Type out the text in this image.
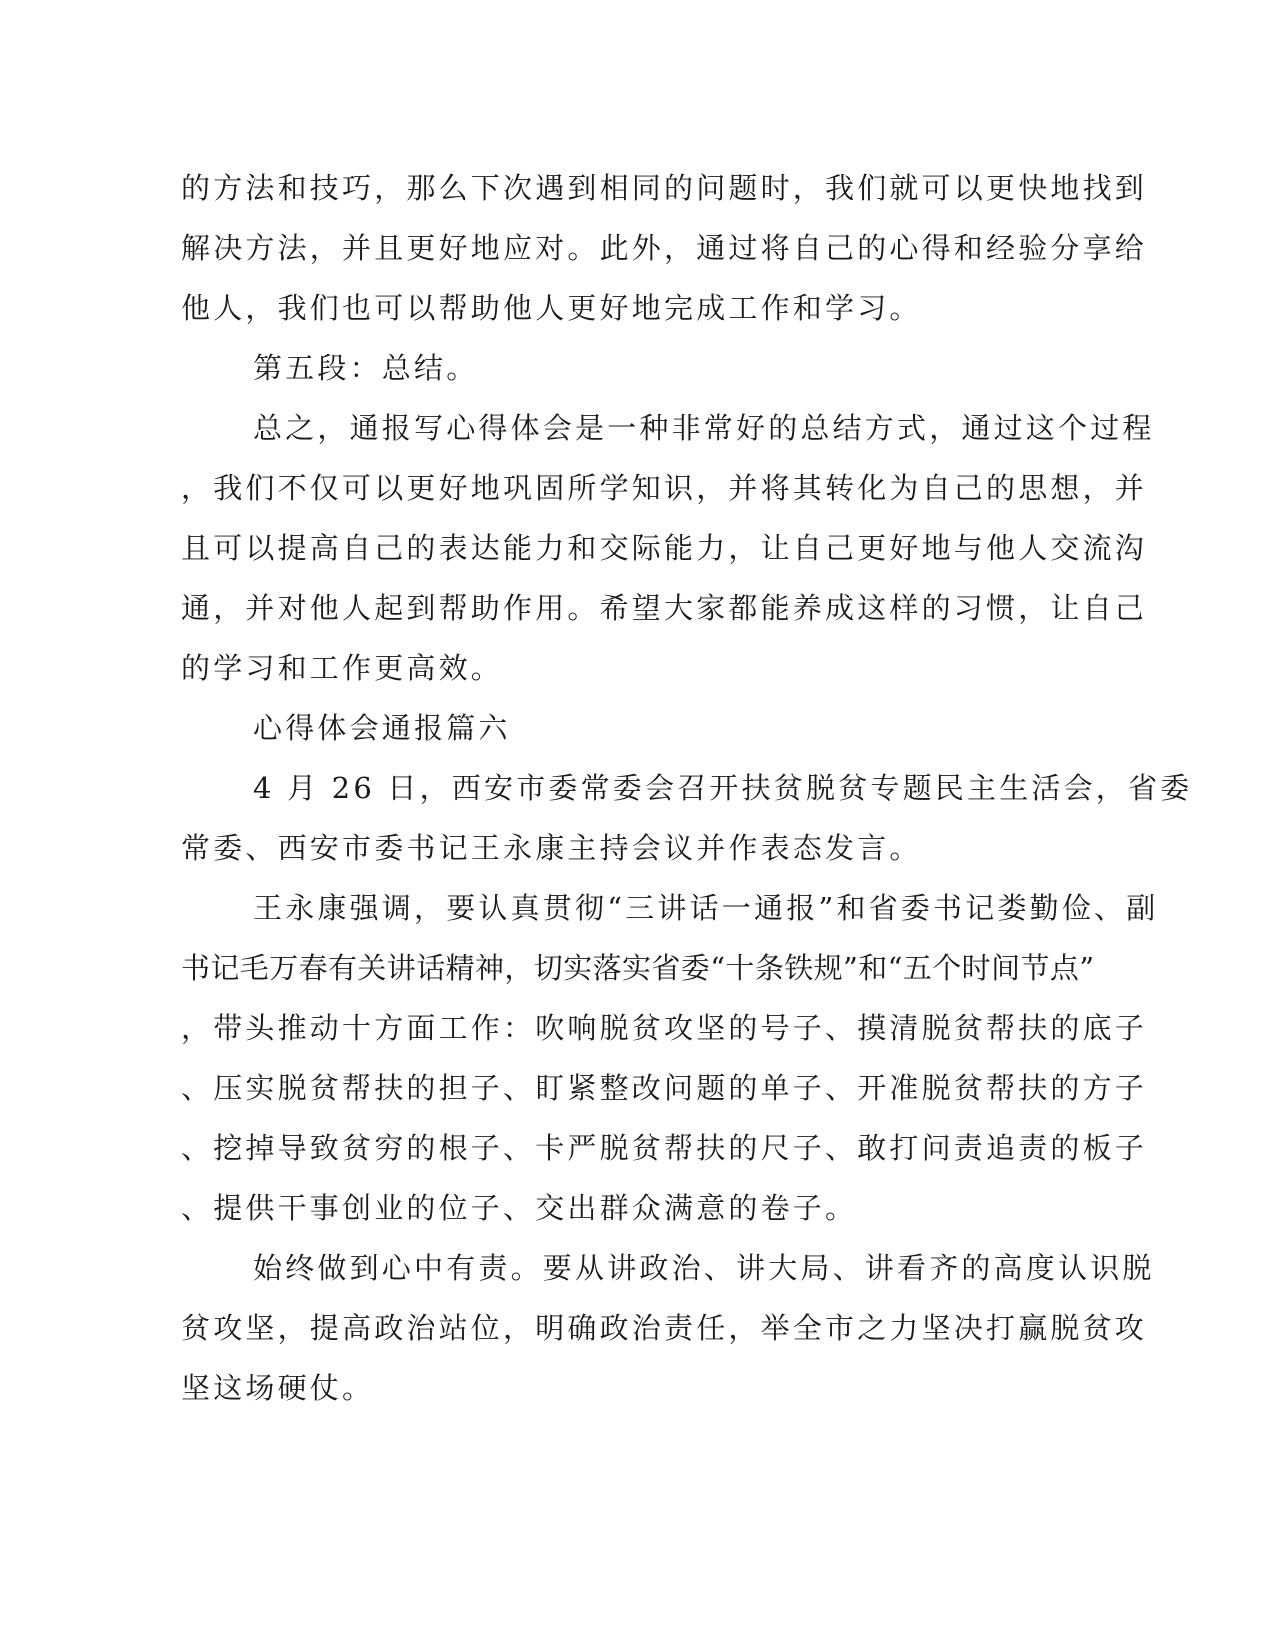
的方法和技巧，那么下次遇到相同的问题时，我们就可以更快地找到
解决方法，并且更好地应对。此外，通过将自己的心得和经验分享给
他人，我们也可以帮助他人更好地完成工作和学习。
第五段：总结。
总之，通报写心得体会是一种非常好的总结方式，通过这个过程
，我们不仅可以更好地巩固所学知识，并将其转化为自己的思想，并
且可以提高自己的表达能力和交际能力，让自己更好地与他人交流沟
通，并对他人起到帮助作用。希望大家都能养成这样的习惯，让自己
的学习和工作更高效。
心得体会通报篇六
4 月 26 日，西安市委常委会召开扶贫脱贫专题民主生活会，省委
常委、西安市委书记王永康主持会议并作表态发言。
王永康强调，要认真贯彻“三讲话一通报”和省委书记娄勤俭、副
书记毛万春有关讲话精神，切实落实省委“十条铁规”和“五个时间节点”
，带头推动十方面工作：吹响脱贫攻坚的号子、摸清脱贫帮扶的底子
、压实脱贫帮扶的担子、盯紧整改问题的单子、开准脱贫帮扶的方子
、挖掉导致贫穷的根子、卡严脱贫帮扶的尺子、敢打问责追责的板子
、提供干事创业的位子、交出群众满意的卷子。
始终做到心中有责。要从讲政治、讲大局、讲看齐的高度认识脱
贫攻坚，提高政治站位，明确政治责任，举全市之力坚决打赢脱贫攻
坚这场硬仗。
